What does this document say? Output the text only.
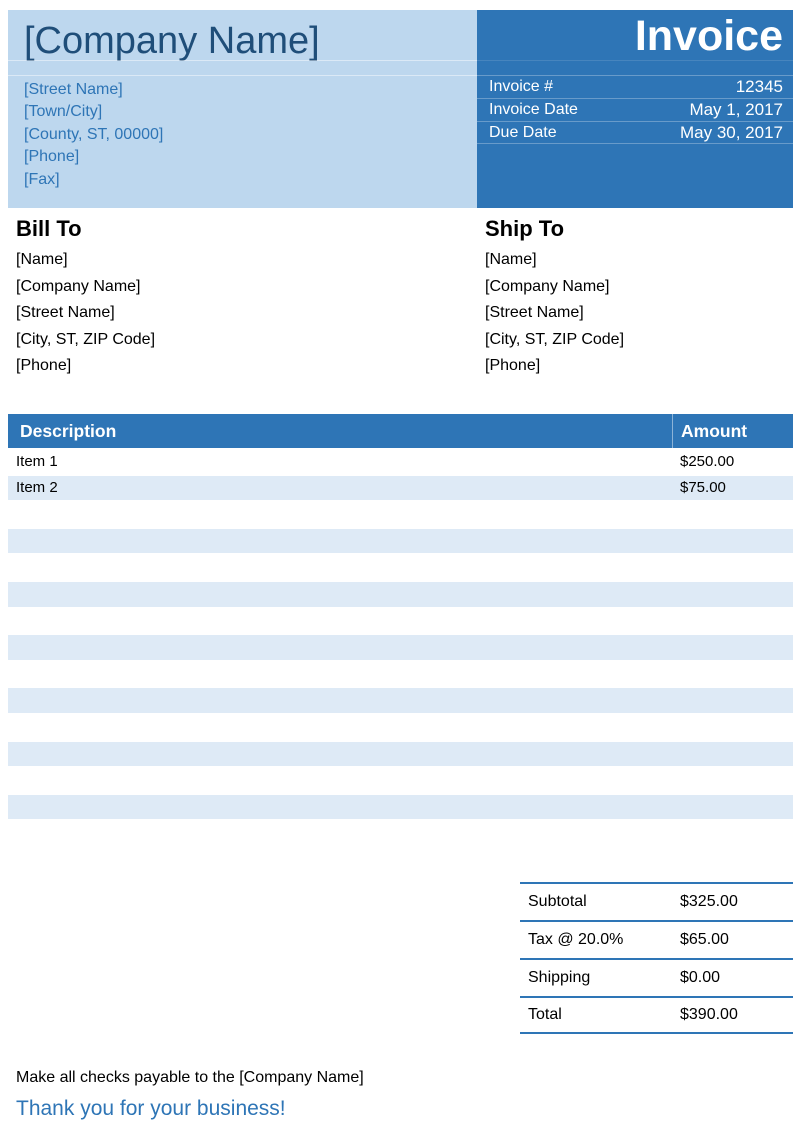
[Company Name]
[Street Name]
[Town/City]
[County, ST, 00000]
[Phone]
[Fax]
Invoice
Invoice #	12345
Invoice Date	May 1, 2017
Due Date	May 30, 2017
Bill To
[Name]
[Company Name]
[Street Name]
[City, ST, ZIP Code]
[Phone]
Ship To
[Name]
[Company Name]
[Street Name]
[City, ST, ZIP Code]
[Phone]
Description	Amount
Item 1	$250.00
Item 2	$75.00
Subtotal	$325.00
Tax @ 20.0%	$65.00
Shipping	$0.00
Total	$390.00
Make all checks payable to the [Company Name]
Thank you for your business!
